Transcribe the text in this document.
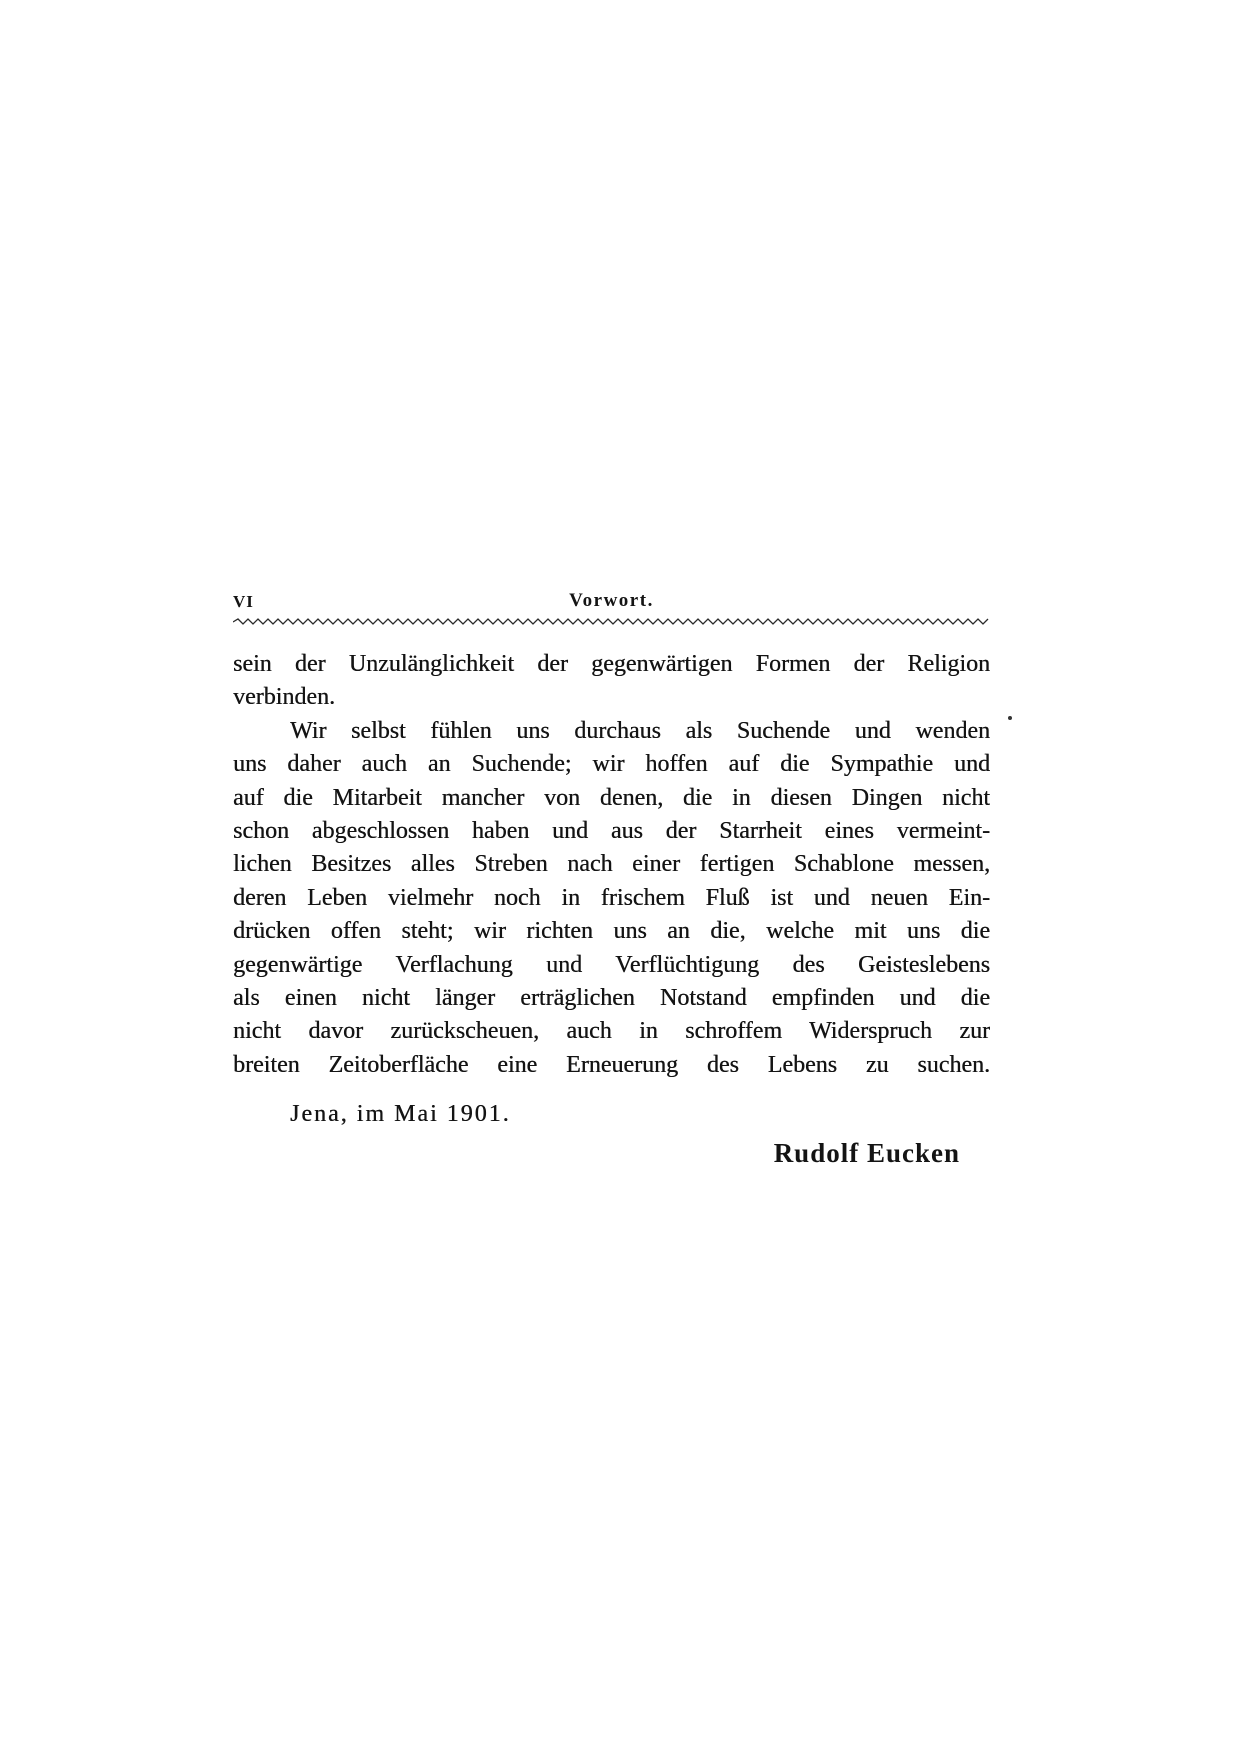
VI	Vorwort.
sein der Unzulänglichkeit der gegenwärtigen Formen der Religion
verbinden.
Wir selbst fühlen uns durchaus als Suchende und wenden
uns daher auch an Suchende; wir hoffen auf die Sympathie und
auf die Mitarbeit mancher von denen, die in diesen Dingen nicht
schon abgeschlossen haben und aus der Starrheit eines vermeint-
lichen Besitzes alles Streben nach einer fertigen Schablone messen,
deren Leben vielmehr noch in frischem Fluß ist und neuen Ein-
drücken offen steht; wir richten uns an die, welche mit uns die
gegenwärtige Verflachung und Verflüchtigung des Geisteslebens
als einen nicht länger erträglichen Notstand empfinden und die
nicht davor zurückscheuen, auch in schroffem Widerspruch zur
breiten Zeitoberfläche eine Erneuerung des Lebens zu suchen.
Jena, im Mai 1901.
Rudolf Eucken
